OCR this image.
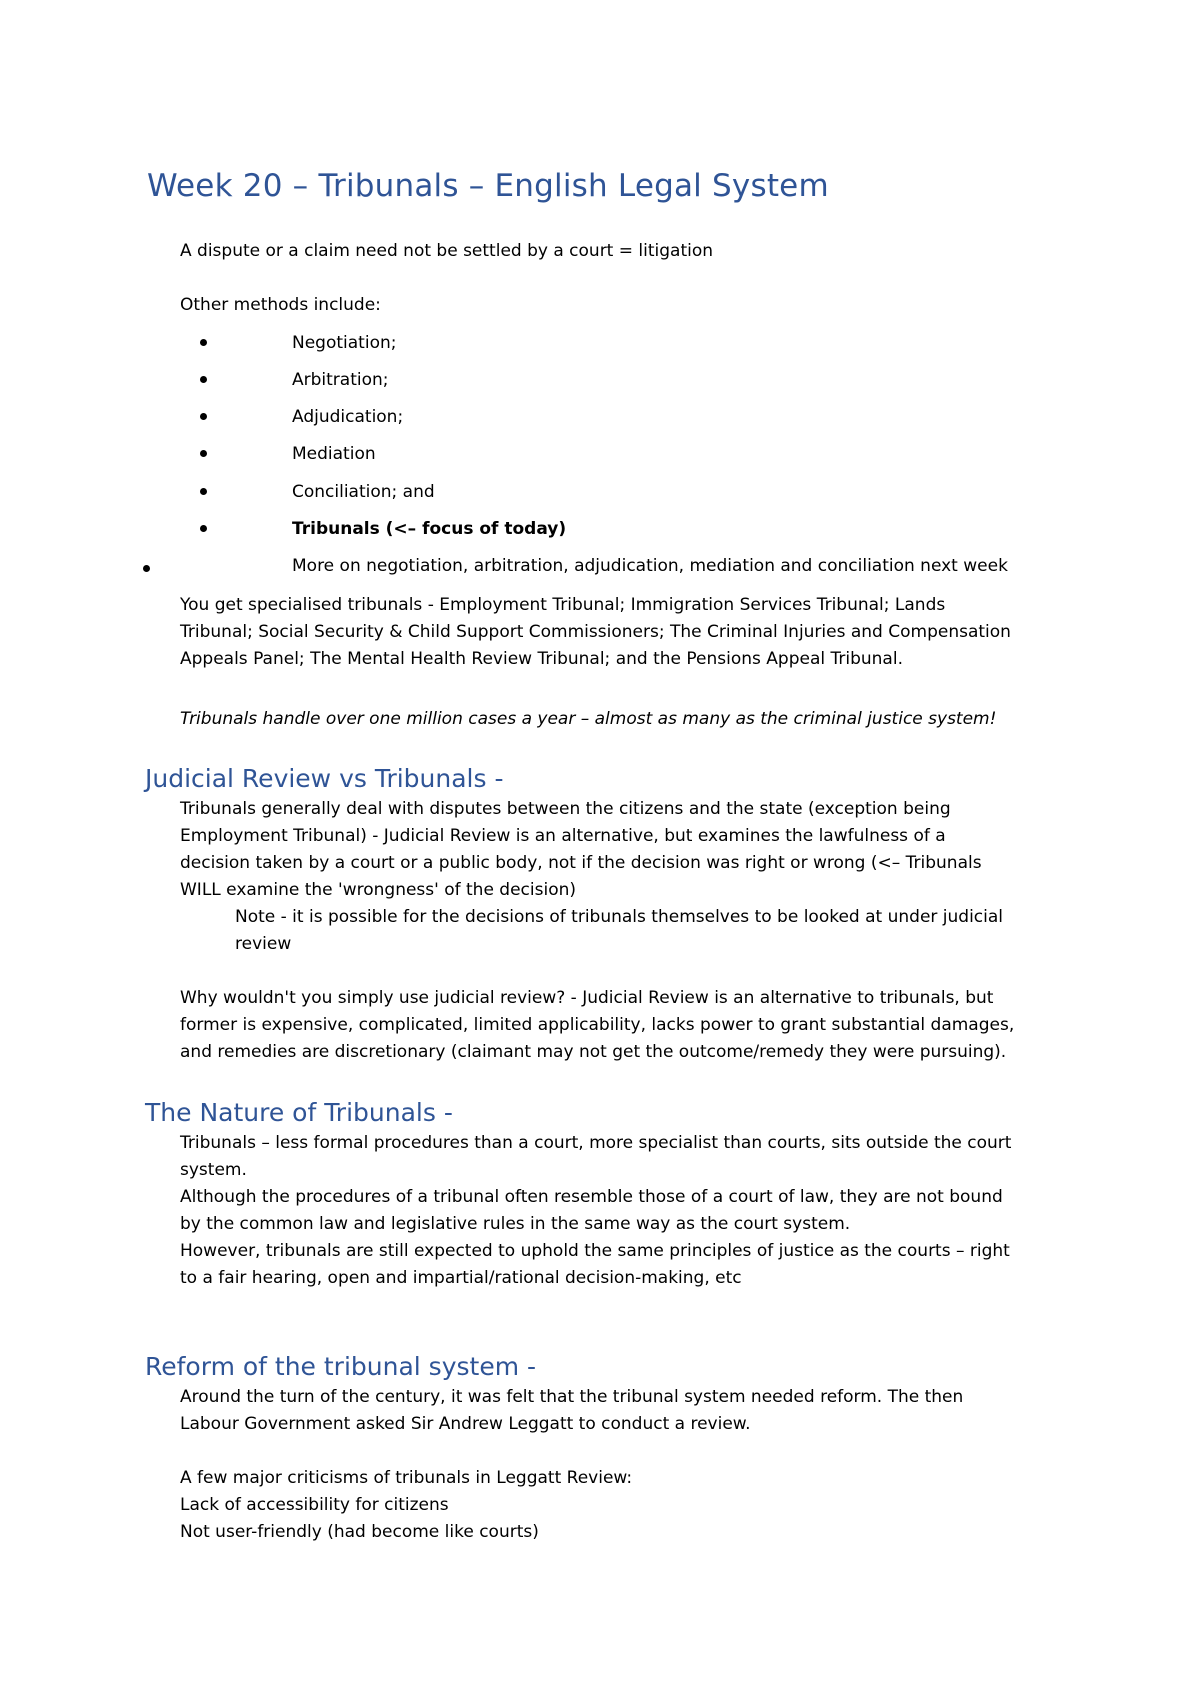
Week 20 – Tribunals – English Legal System
A dispute or a claim need not be settled by a court = litigation
Other methods include:
Negotiation;
Arbitration;
Adjudication;
Mediation
Conciliation; and
Tribunals (<– focus of today)
More on negotiation, arbitration, adjudication, mediation and conciliation next week
You get specialised tribunals - Employment Tribunal; Immigration Services Tribunal; Lands
Tribunal; Social Security & Child Support Commissioners; The Criminal Injuries and Compensation
Appeals Panel; The Mental Health Review Tribunal; and the Pensions Appeal Tribunal.
Tribunals handle over one million cases a year – almost as many as the criminal justice system!
Judicial Review vs Tribunals -
Tribunals generally deal with disputes between the citizens and the state (exception being
Employment Tribunal) - Judicial Review is an alternative, but examines the lawfulness of a
decision taken by a court or a public body, not if the decision was right or wrong (<– Tribunals
WILL examine the 'wrongness' of the decision)
Note - it is possible for the decisions of tribunals themselves to be looked at under judicial
review
Why wouldn't you simply use judicial review? - Judicial Review is an alternative to tribunals, but
former is expensive, complicated, limited applicability, lacks power to grant substantial damages,
and remedies are discretionary (claimant may not get the outcome/remedy they were pursuing).
The Nature of Tribunals -
Tribunals – less formal procedures than a court, more specialist than courts, sits outside the court
system.
Although the procedures of a tribunal often resemble those of a court of law, they are not bound
by the common law and legislative rules in the same way as the court system.
However, tribunals are still expected to uphold the same principles of justice as the courts – right
to a fair hearing, open and impartial/rational decision-making, etc
Reform of the tribunal system -
Around the turn of the century, it was felt that the tribunal system needed reform. The then
Labour Government asked Sir Andrew Leggatt to conduct a review.
A few major criticisms of tribunals in Leggatt Review:
Lack of accessibility for citizens
Not user-friendly (had become like courts)
